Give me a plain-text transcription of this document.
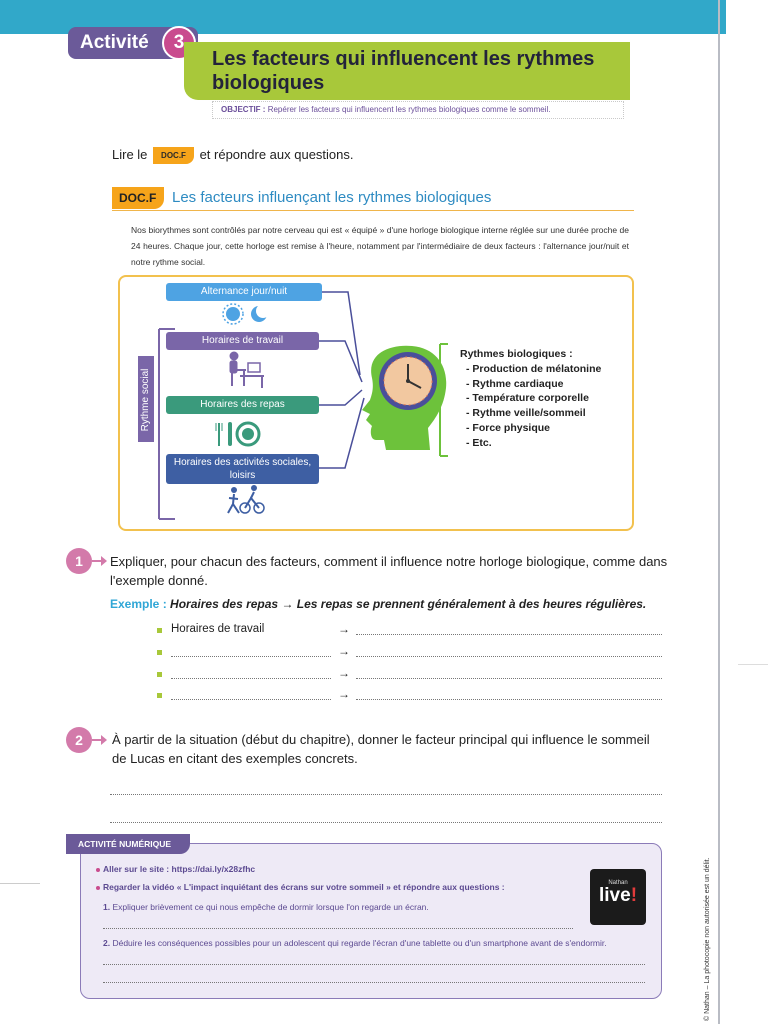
Activité	3
Les facteurs qui influencent les rythmes biologiques
OBJECTIF : Repérer les facteurs qui influencent les rythmes biologiques comme le sommeil.
Lire le DOC.F et répondre aux questions.
DOC.F	Les facteurs influençant les rythmes biologiques
Nos biorythmes sont contrôlés par notre cerveau qui est « équipé » d'une horloge biologique interne réglée sur une durée proche de 24 heures. Chaque jour, cette horloge est remise à l'heure, notamment par l'intermédiaire de deux facteurs : l'alternance jour/nuit et notre rythme social.
Alternance jour/nuit
Horaires de travail
Horaires des repas
Horaires des activités sociales, loisirs
Rythme social
Rythmes biologiques :
- Production de mélatonine
- Rythme cardiaque
- Température corporelle
- Rythme veille/sommeil
- Force physique
- Etc.
1	Expliquer, pour chacun des facteurs, comment il influence notre horloge biologique, comme dans l'exemple donné.
Exemple : Horaires des repas → Les repas se prennent généralement à des heures régulières.
Horaires de travail	→
→
→
→
2	À partir de la situation (début du chapitre), donner le facteur principal qui influence le sommeil de Lucas en citant des exemples concrets.
ACTIVITÉ NUMÉRIQUE
Aller sur le site : https://dai.ly/x28zfhc
Regarder la vidéo « L'impact inquiétant des écrans sur votre sommeil » et répondre aux questions :
1. Expliquer brièvement ce qui nous empêche de dormir lorsque l'on regarde un écran.
2. Déduire les conséquences possibles pour un adolescent qui regarde l'écran d'une tablette ou d'un smartphone avant de s'endormir.
Nathan
live!	© Nathan – La photocopie non autorisée est un délit.
